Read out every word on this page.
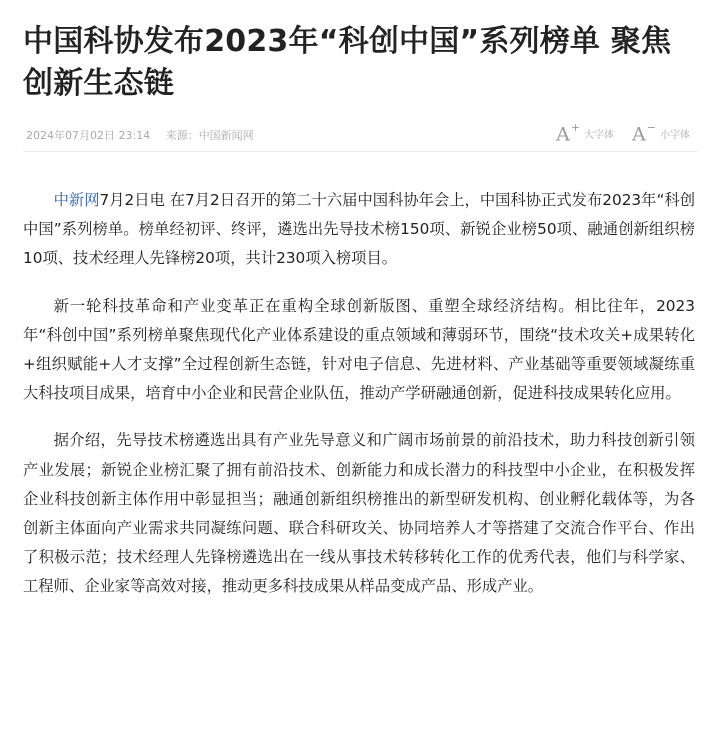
中国科协发布2023年“科创中国”系列榜单 聚焦创新生态链
2024年07月02日 23:14 来源：中国新闻网	A+
大字体 A−
小字体

中新网7月2日电 在7月2日召开的第二十六届中国科协年会上，中国科协正式发布2023年“科创中国”系列榜单。榜单经初评、终评，遴选出先导技术榜150项、新锐企业榜50项、融通创新组织榜10项、技术经理人先锋榜20项，共计230项入榜项目。

新一轮科技革命和产业变革正在重构全球创新版图、重塑全球经济结构。相比往年，2023年“科创中国”系列榜单聚焦现代化产业体系建设的重点领域和薄弱环节，围绕“技术攻关+成果转化+组织赋能+人才支撑”全过程创新生态链，针对电子信息、先进材料、产业基础等重要领域凝练重大科技项目成果，培育中小企业和民营企业队伍，推动产学研融通创新，促进科技成果转化应用。

据介绍，先导技术榜遴选出具有产业先导意义和广阔市场前景的前沿技术，助力科技创新引领产业发展；新锐企业榜汇聚了拥有前沿技术、创新能力和成长潜力的科技型中小企业，在积极发挥企业科技创新主体作用中彰显担当；融通创新组织榜推出的新型研发机构、创业孵化载体等，为各创新主体面向产业需求共同凝练问题、联合科研攻关、协同培养人才等搭建了交流合作平台、作出了积极示范；技术经理人先锋榜遴选出在一线从事技术转移转化工作的优秀代表，他们与科学家、工程师、企业家等高效对接，推动更多科技成果从样品变成产品、形成产业。
